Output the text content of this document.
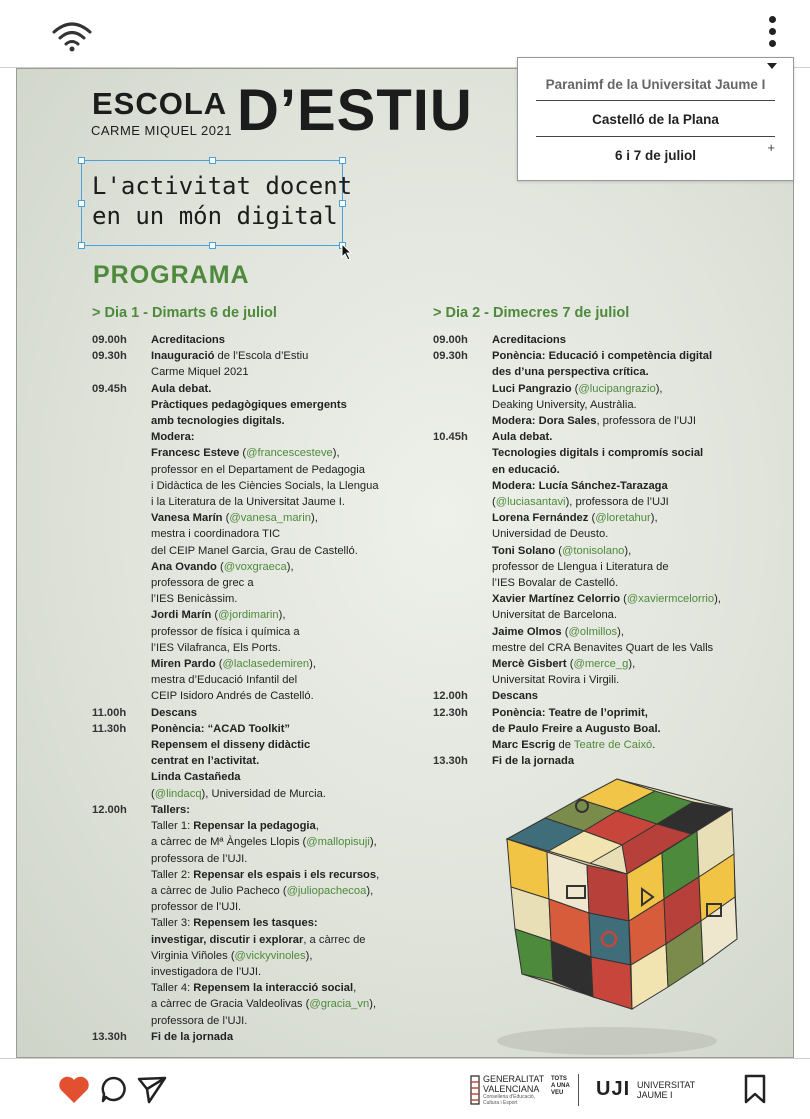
ESCOLA
CARME MIQUEL 2021 D’ESTIU
L'activitat docent
en un món digital
PROGRAMA
> Dia 1 - Dimarts 6 de juliol	> Dia 2 - Dimecres 7 de juliol
09.00h	Acreditacions
09.30h	Inauguració de l’Escola d’Estiu
Carme Miquel 2021
09.45h	Aula debat.
Pràctiques pedagògiques emergents
amb tecnologies digitals.
Modera:
Francesc Esteve (@francescesteve),
professor en el Departament de Pedagogia
i Didàctica de les Ciències Socials, la Llengua
i la Literatura de la Universitat Jaume I.
Vanesa Marín (@vanesa_marin),
mestra i coordinadora TIC
del CEIP Manel Garcia, Grau de Castelló.
Ana Ovando (@voxgraeca),
professora de grec a
l’IES Benicàssim.
Jordi Marín (@jordimarin),
professor de física i química a
l’IES Vilafranca, Els Ports.
Miren Pardo (@laclasedemiren),
mestra d’Educació Infantil del
CEIP Isidoro Andrés de Castelló.
11.00h	Descans
11.30h	Ponència: “ACAD Toolkit”
Repensem el disseny didàctic
centrat en l’activitat.
Linda Castañeda
(@lindacq), Universidad de Murcia.
12.00h	Tallers:
Taller 1: Repensar la pedagogia,
a càrrec de Mª Àngeles Llopis (@mallopisuji),
professora de l’UJI.
Taller 2: Repensar els espais i els recursos,
a càrrec de Julio Pacheco (@juliopachecoa),
professor de l’UJI.
Taller 3: Repensem les tasques:
investigar, discutir i explorar, a càrrec de
Virginia Viñoles (@vickyvinoles),
investigadora de l’UJI.
Taller 4: Repensem la interacció social,
a càrrec de Gracia Valdeolivas (@gracia_vn),
professora de l’UJI.
13.30h	Fi de la jornada
09.00h	Acreditacions
09.30h	Ponència: Educació i competència digital
des d’una perspectiva crítica.
Luci Pangrazio (@lucipangrazio),
Deaking University, Austràlia.
Modera: Dora Sales, professora de l’UJI
10.45h	Aula debat.
Tecnologies digitals i compromís social
en educació.
Modera: Lucía Sánchez-Tarazaga
(@luciasantavi), professora de l’UJI
Lorena Fernández (@loretahur),
Universidad de Deusto.
Toni Solano (@tonisolano),
professor de Llengua i Literatura de
l’IES Bovalar de Castelló.
Xavier Martínez Celorrio (@xaviermcelorrio),
Universitat de Barcelona.
Jaime Olmos (@olmillos),
mestre del CRA Benavites Quart de les Valls
Mercè Gisbert (@merce_g),
Universitat Rovira i Virgili.
12.00h	Descans
12.30h	Ponència: Teatre de l’oprimit,
de Paulo Freire a Augusto Boal.
Marc Escrig de Teatre de Caixó.
13.30h	Fi de la jornada
Paranimf de la Universitat Jaume I
Castelló de la Plana
6 i 7 de juliol
+
GENERALITAT
VALENCIANA
Conselleria d'Educació,
Cultura i Esport
TOTS
A UNA
VEU UJI UNIVERSITAT
JAUME I
